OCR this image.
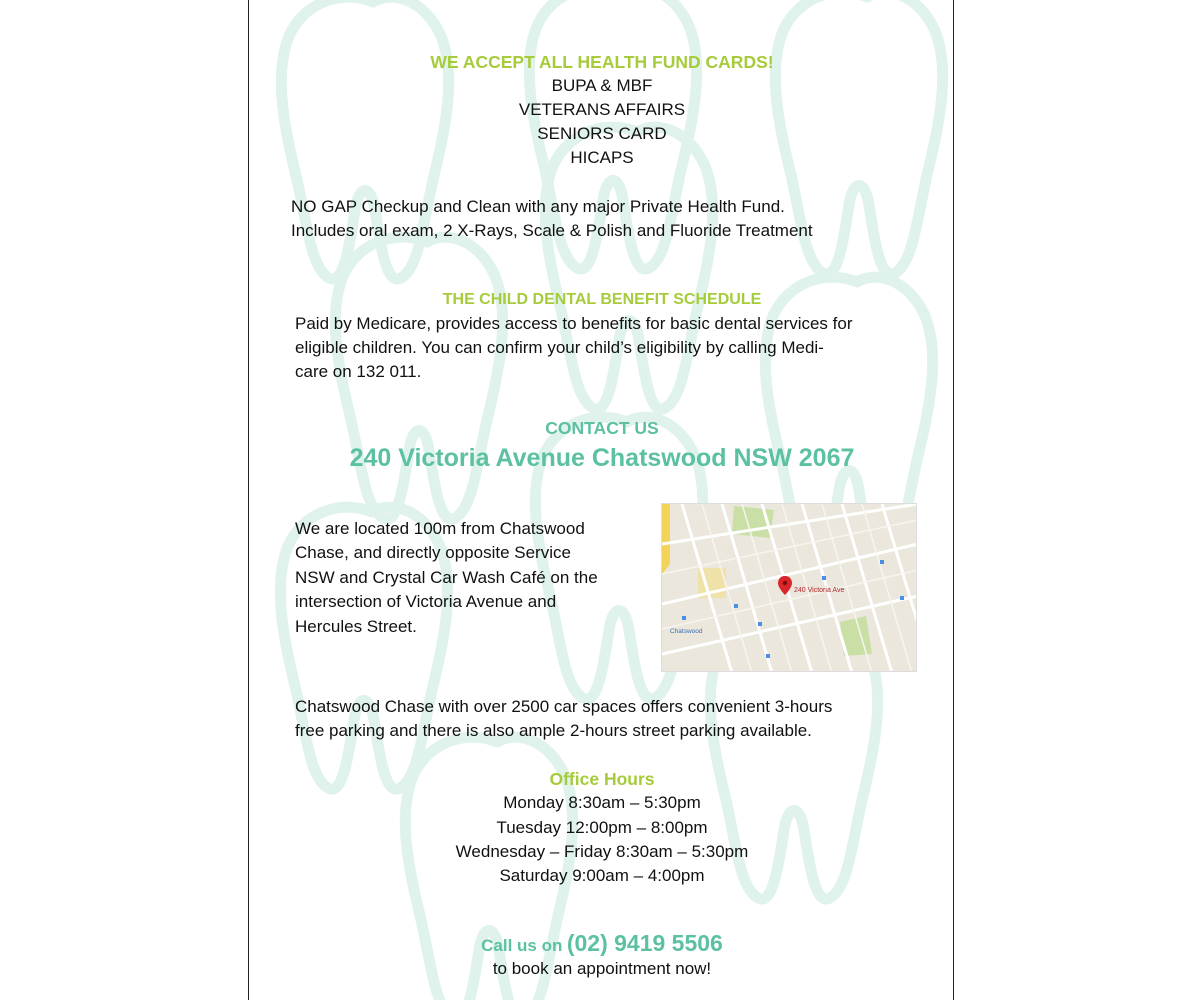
WE ACCEPT ALL HEALTH FUND CARDS!
BUPA & MBF
VETERANS AFFAIRS
SENIORS CARD
HICAPS
NO GAP Checkup and Clean with any major Private Health Fund.
Includes oral exam, 2 X-Rays, Scale & Polish and Fluoride Treatment
THE CHILD DENTAL BENEFIT SCHEDULE
Paid by Medicare, provides access to benefits for basic dental services for
eligible children. You can confirm your child’s eligibility by calling Medi-
care on 132 011.
CONTACT US
240 Victoria Avenue Chatswood NSW 2067
We are located 100m from Chatswood
Chase, and directly opposite Service
NSW and Crystal Car Wash Café on the
intersection of Victoria Avenue and
Hercules Street.
240 Victoria Ave
Chatswood
Chatswood Chase with over 2500 car spaces offers convenient 3-hours
free parking and there is also ample 2-hours street parking available.
Office Hours
Monday 8:30am – 5:30pm
Tuesday 12:00pm – 8:00pm
Wednesday – Friday 8:30am – 5:30pm
Saturday 9:00am – 4:00pm
Call us on (02) 9419 5506
to book an appointment now!
